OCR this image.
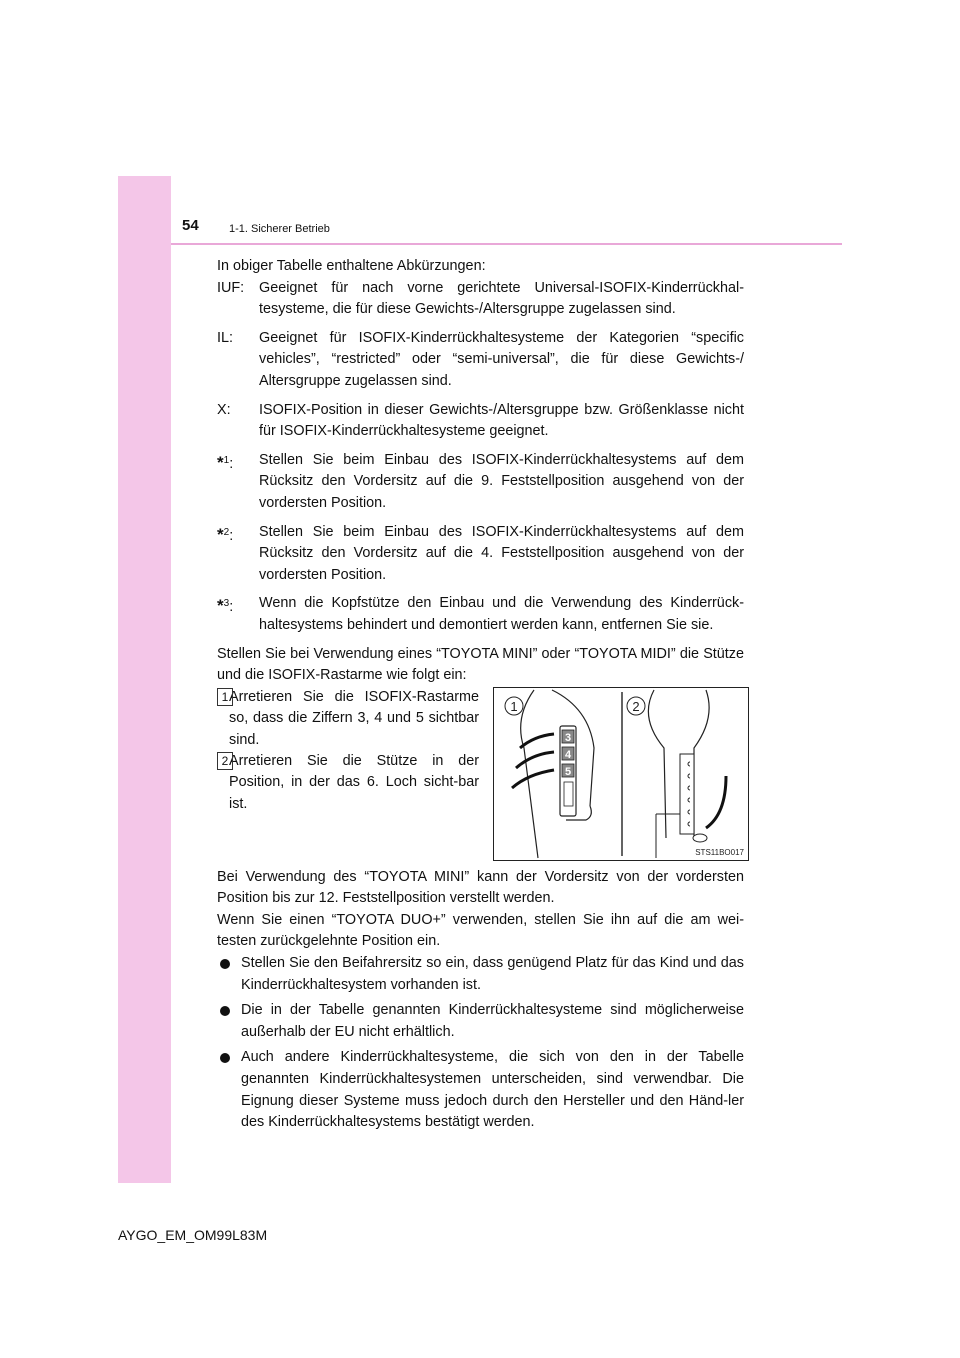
54	1-1. Sicherer Betrieb

In obiger Tabelle enthaltene Abkürzungen:

IUF: Geeignet für nach vorne gerichtete Universal-ISOFIX-Kinderrückhal-tesysteme, die für diese Gewichts-/Altersgruppe zugelassen sind.
IL: Geeignet für ISOFIX-Kinderrückhaltesysteme der Kategorien “specific vehicles”, “restricted” oder “semi-universal”, die für diese Gewichts-/ Altersgruppe zugelassen sind.
X: ISOFIX-Position in dieser Gewichts-/Altersgruppe bzw. Größenklasse nicht für ISOFIX-Kinderrückhaltesysteme geeignet.
*$^1$: Stellen Sie beim Einbau des ISOFIX-Kinderrückhaltesystems auf dem Rücksitz den Vordersitz auf die 9. Feststellposition ausgehend von der vordersten Position.
*$^2$: Stellen Sie beim Einbau des ISOFIX-Kinderrückhaltesystems auf dem Rücksitz den Vordersitz auf die 4. Feststellposition ausgehend von der vordersten Position.
*$^3$: Wenn die Kopfstütze den Einbau und die Verwendung des Kinderrück-haltesystems behindert und demontiert werden kann, entfernen Sie sie.

Stellen Sie bei Verwendung eines “TOYOTA MINI” oder “TOYOTA MIDI” die Stütze und die ISOFIX-Rastarme wie folgt ein:

1 Arretieren Sie die ISOFIX-Rastarme so, dass die Ziffern 3, 4 und 5 sichtbar sind.
2 Arretieren Sie die Stütze in der Position, in der das 6. Loch sicht-bar ist.
3
4
5
1	2
STS11BO017

Bei Verwendung des “TOYOTA MINI” kann der Vordersitz von der vordersten Position bis zur 12. Feststellposition verstellt werden.

Wenn Sie einen “TOYOTA DUO+” verwenden, stellen Sie ihn auf die am wei-testen zurückgelehnte Position ein.

Stellen Sie den Beifahrersitz so ein, dass genügend Platz für das Kind und das Kinderrückhaltesystem vorhanden ist.
Die in der Tabelle genannten Kinderrückhaltesysteme sind möglicherweise außerhalb der EU nicht erhältlich.
Auch andere Kinderrückhaltesysteme, die sich von den in der Tabelle genannten Kinderrückhaltesystemen unterscheiden, sind verwendbar. Die Eignung dieser Systeme muss jedoch durch den Hersteller und den Händ-ler des Kinderrückhaltesystems bestätigt werden.
AYGO_EM_OM99L83M
